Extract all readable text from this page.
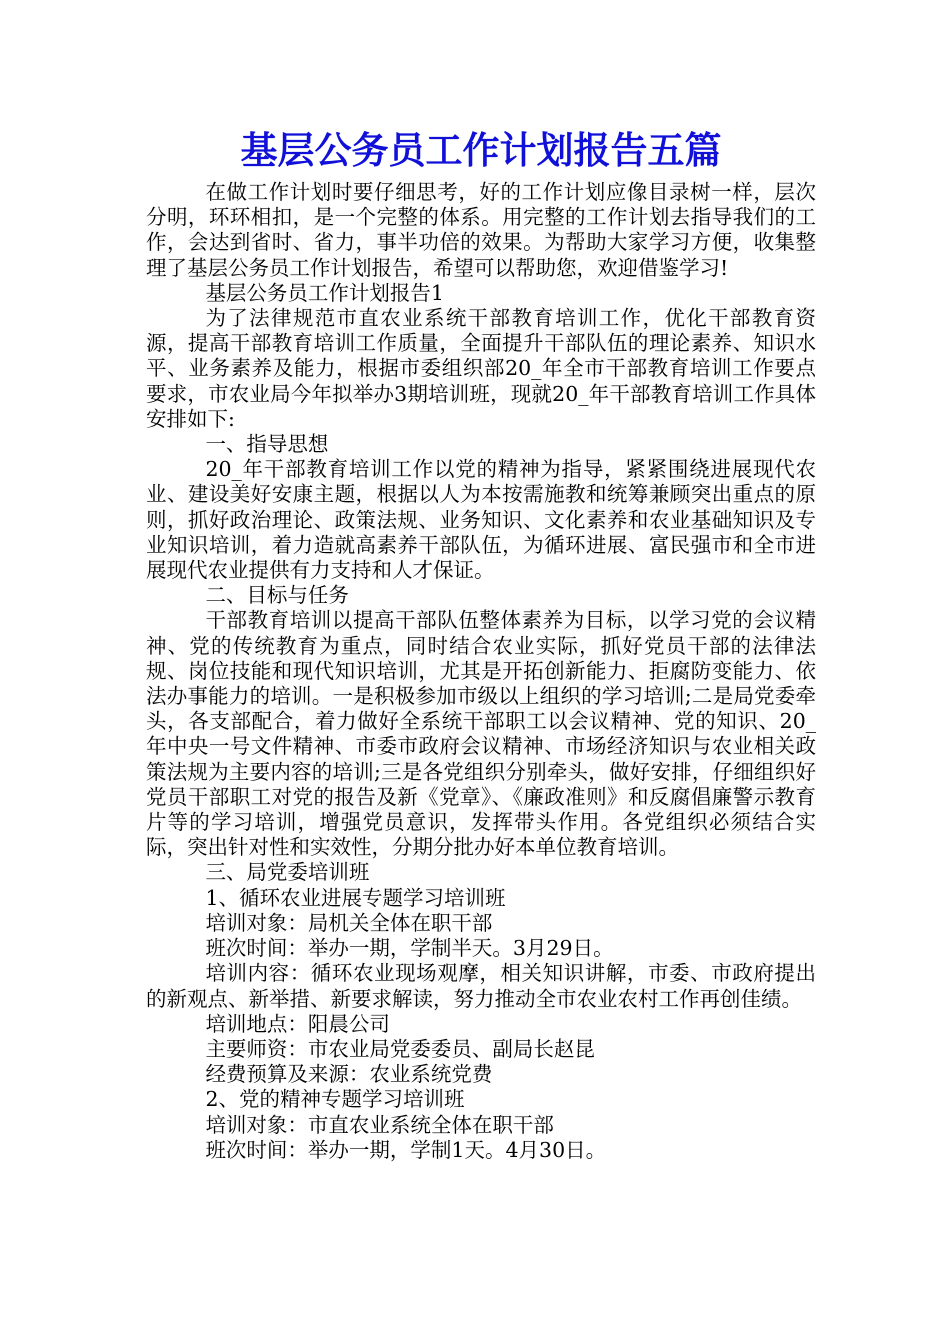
基层公务员工作计划报告五篇

在做工作计划时要仔细思考，好的工作计划应像目录树一样，层次分明，环环相扣，是一个完整的体系。用完整的工作计划去指导我们的工作，会达到省时、省力，事半功倍的效果。为帮助大家学习方便，收集整理了基层公务员工作计划报告，希望可以帮助您，欢迎借鉴学习!

基层公务员工作计划报告1

为了法律规范市直农业系统干部教育培训工作，优化干部教育资源，提高干部教育培训工作质量，全面提升干部队伍的理论素养、知识水平、业务素养及能力，根据市委组织部20_年全市干部教育培训工作要点要求，市农业局今年拟举办3期培训班，现就20_年干部教育培训工作具体安排如下:

一、指导思想

20_年干部教育培训工作以党的精神为指导，紧紧围绕进展现代农业、建设美好安康主题，根据以人为本按需施教和统筹兼顾突出重点的原则，抓好政治理论、政策法规、业务知识、文化素养和农业基础知识及专业知识培训，着力造就高素养干部队伍，为循环进展、富民强市和全市进展现代农业提供有力支持和人才保证。

二、目标与任务

干部教育培训以提高干部队伍整体素养为目标，以学习党的会议精神、党的传统教育为重点，同时结合农业实际，抓好党员干部的法律法规、岗位技能和现代知识培训，尤其是开拓创新能力、拒腐防变能力、依法办事能力的培训。一是积极参加市级以上组织的学习培训;二是局党委牵头，各支部配合，着力做好全系统干部职工以会议精神、党的知识、20_年中央一号文件精神、市委市政府会议精神、市场经济知识与农业相关政策法规为主要内容的培训;三是各党组织分别牵头，做好安排，仔细组织好党员干部职工对党的报告及新《党章》、《廉政准则》和反腐倡廉警示教育片等的学习培训，增强党员意识，发挥带头作用。各党组织必须结合实际，突出针对性和实效性，分期分批办好本单位教育培训。

三、局党委培训班

1、循环农业进展专题学习培训班

培训对象：局机关全体在职干部

班次时间：举办一期，学制半天。3月29日。

培训内容：循环农业现场观摩，相关知识讲解，市委、市政府提出的新观点、新举措、新要求解读，努力推动全市农业农村工作再创佳绩。

培训地点：阳晨公司

主要师资：市农业局党委委员、副局长赵昆

经费预算及来源：农业系统党费

2、党的精神专题学习培训班

培训对象：市直农业系统全体在职干部

班次时间：举办一期，学制1天。4月30日。
